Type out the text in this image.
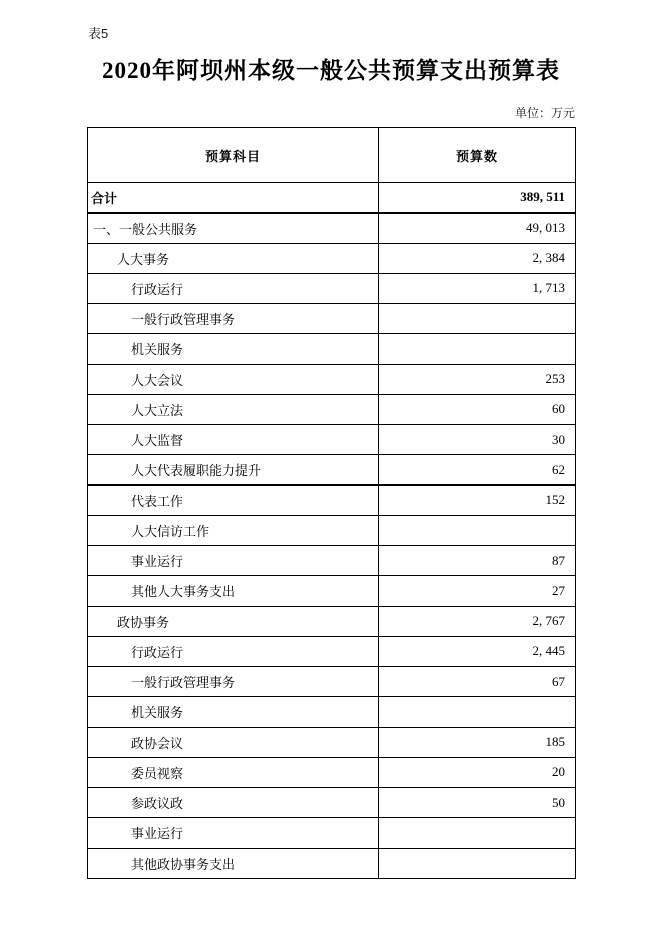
表5
2020年阿坝州本级一般公共预算支出预算表
单位：万元
预算科目	预算数
合计	389, 511
一、一般公共服务	49, 013
人大事务	2, 384
行政运行	1, 713
一般行政管理事务	
机关服务	
人大会议	253
人大立法	60
人大监督	30
人大代表履职能力提升	62
代表工作	152
人大信访工作	
事业运行	87
其他人大事务支出	27
政协事务	2, 767
行政运行	2, 445
一般行政管理事务	67
机关服务	
政协会议	185
委员视察	20
参政议政	50
事业运行	
其他政协事务支出	
